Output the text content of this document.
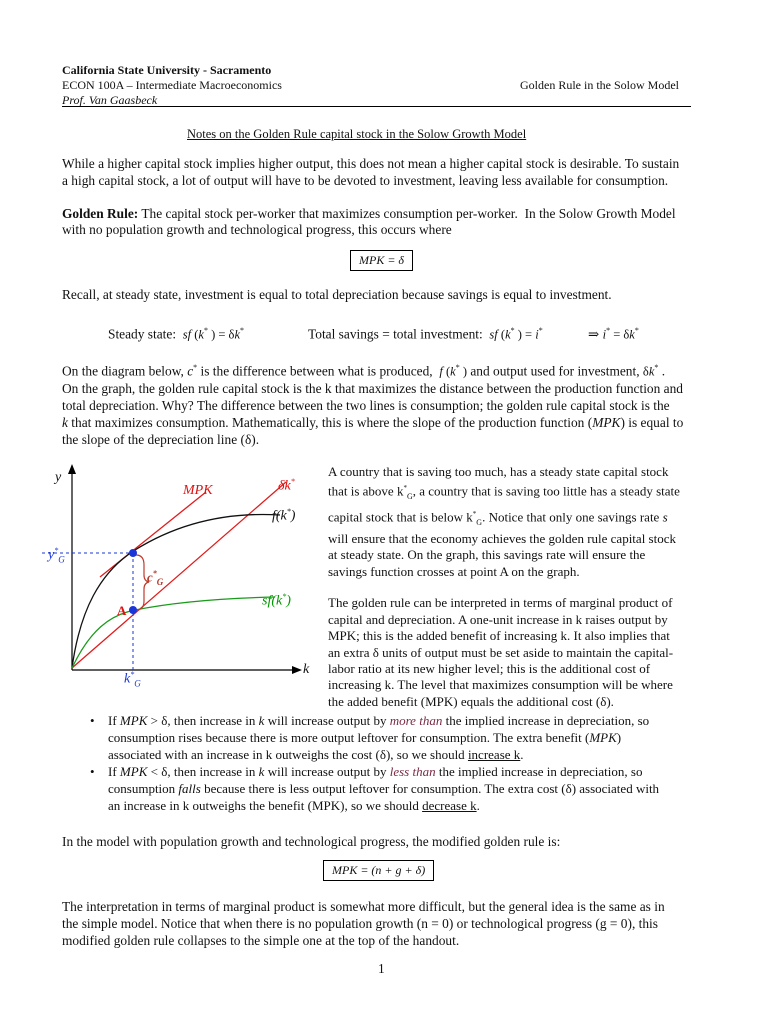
California State University - Sacramento
ECON 100A – Intermediate Macroeconomics	Golden Rule in the Solow Model
Prof. Van Gaasbeck
Notes on the Golden Rule capital stock in the Solow Growth Model
While a higher capital stock implies higher output, this does not mean a higher capital stock is desirable. To sustain
a high capital stock, a lot of output will have to be devoted to investment, leaving less available for consumption.
Golden Rule: The capital stock per-worker that maximizes consumption per-worker.  In the Solow Growth Model
with no population growth and technological progress, this occurs where
MPK = δ
Recall, at steady state, investment is equal to total depreciation because savings is equal to investment.
Steady state: sf (k* ) = δk*	Total savings = total investment: sf (k* ) = i*	⇒ i* = δk*
On the diagram below, c* is the difference between what is produced,  f (k* ) and output used for investment, δk* .
On the graph, the golden rule capital stock is the k that maximizes the distance between the production function and
total depreciation. Why? The difference between the two lines is consumption; the golden rule capital stock is the
k that maximizes consumption. Mathematically, this is where the slope of the production function (MPK) is equal to
the slope of the depreciation line (δ).
y
k
MPK	δk*
f(k*)
sf(k*)
A
$y^*_G$
$k^*_G$
$c^*_G$
A country that is saving too much, has a steady state capital stock
that is above $k^*_G$, a country that is saving too little has a steady state
capital stock that is below $k^*_G$. Notice that only one savings rate s
will ensure that the economy achieves the golden rule capital stock
at steady state. On the graph, this savings rate will ensure the
savings function crosses at point A on the graph.
The golden rule can be interpreted in terms of marginal product of
capital and depreciation. A one-unit increase in k raises output by
MPK; this is the added benefit of increasing k. It also implies that
an extra δ units of output must be set aside to maintain the capital-
labor ratio at its new higher level; this is the additional cost of
increasing k. The level that maximizes consumption will be where
the added benefit (MPK) equals the additional cost (δ).
• If MPK > δ, then increase in k will increase output by more than the implied increase in depreciation, so
consumption rises because there is more output leftover for consumption. The extra benefit (MPK)
associated with an increase in k outweighs the cost (δ), so we should increase k.
• If MPK < δ, then increase in k will increase output by less than the implied increase in depreciation, so
consumption falls because there is less output leftover for consumption. The extra cost (δ) associated with
an increase in k outweighs the benefit (MPK), so we should decrease k.
In the model with population growth and technological progress, the modified golden rule is:
MPK = (n + g + δ)
The interpretation in terms of marginal product is somewhat more difficult, but the general idea is the same as in
the simple model. Notice that when there is no population growth (n = 0) or technological progress (g = 0), this
modified golden rule collapses to the simple one at the top of the handout.
1
